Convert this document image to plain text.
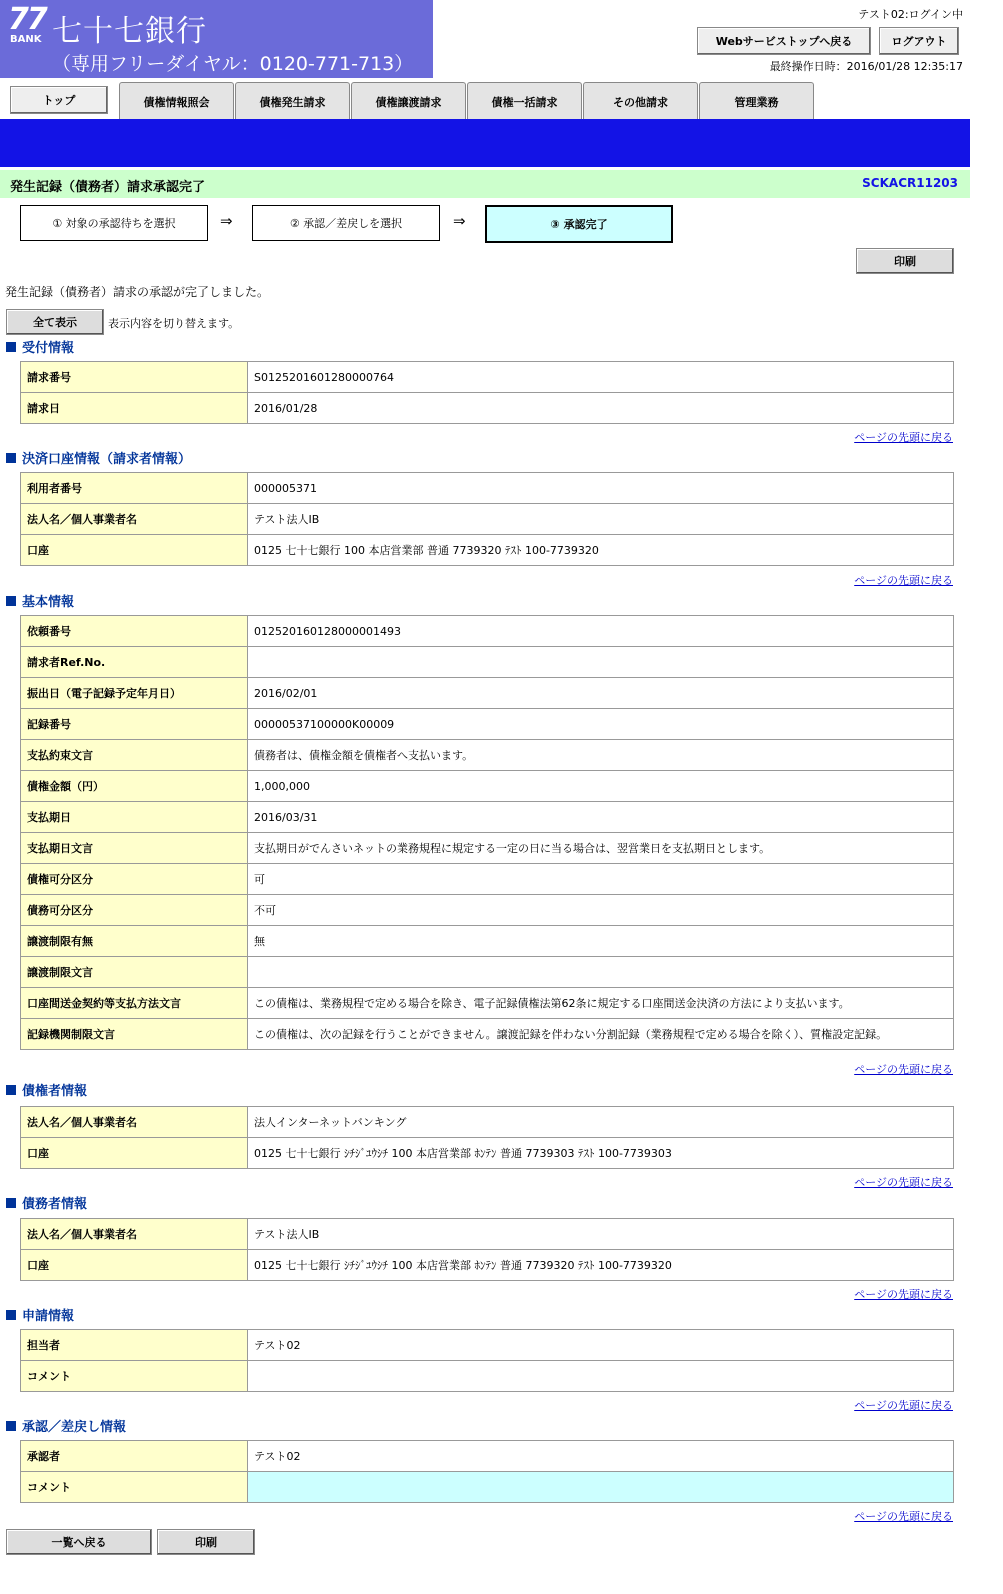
77
BANK 七十七銀行
（専用フリーダイヤル：0120-771-713）
テスト02:ログイン中
Webサービストップへ戻る	ログアウト
最終操作日時：2016/01/28 12:35:17
トップ	債権情報照会	債権発生請求	債権譲渡請求	債権一括請求	その他請求	管理業務
発生記録（債務者）請求承認完了	SCKACR11203
① 対象の承認待ちを選択	⇒	② 承認／差戻しを選択	⇒	③ 承認完了
印刷
発生記録（債務者）請求の承認が完了しました。
全て表示	表示内容を切り替えます。
受付情報
請求番号	S0125201601280000764
請求日	2016/01/28
ページの先頭に戻る
決済口座情報（請求者情報）
利用者番号	000005371
法人名／個人事業者名	テスト法人IB
口座	0125 七十七銀行 100 本店営業部 普通 7739320 ﾃｽﾄ 100-7739320
ページの先頭に戻る
基本情報
依頼番号	012520160128000001493
請求者Ref.No.	
振出日（電子記録予定年月日）	2016/02/01
記録番号	00000537100000K00009
支払約束文言	債務者は、債権金額を債権者へ支払います。
債権金額（円）	1,000,000
支払期日	2016/03/31
支払期日文言	支払期日がでんさいネットの業務規程に規定する一定の日に当る場合は、翌営業日を支払期日とします。
債権可分区分	可
債務可分区分	不可
譲渡制限有無	無
譲渡制限文言	
口座間送金契約等支払方法文言	この債権は、業務規程で定める場合を除き、電子記録債権法第62条に規定する口座間送金決済の方法により支払います。
記録機関制限文言	この債権は、次の記録を行うことができません。譲渡記録を伴わない分割記録（業務規程で定める場合を除く）、質権設定記録。
ページの先頭に戻る
債権者情報
法人名／個人事業者名	法人インターネットバンキング
口座	0125 七十七銀行 ｼﾁｼﾞﾕｳｼﾁ 100 本店営業部 ﾎﾝﾃﾝ 普通 7739303 ﾃｽﾄ 100-7739303
ページの先頭に戻る
債務者情報
法人名／個人事業者名	テスト法人IB
口座	0125 七十七銀行 ｼﾁｼﾞﾕｳｼﾁ 100 本店営業部 ﾎﾝﾃﾝ 普通 7739320 ﾃｽﾄ 100-7739320
ページの先頭に戻る
申請情報
担当者	テスト02
コメント	
ページの先頭に戻る
承認／差戻し情報
承認者	テスト02
コメント	
ページの先頭に戻る
一覧へ戻る	印刷
